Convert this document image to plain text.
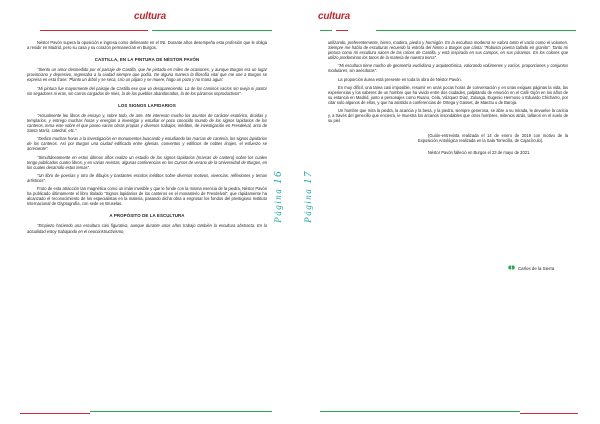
cultura

Néstor Pavón supera la oposición e ingresa como delineante en el INI. Durante años desempeña esta profesión que le obliga a residir en Madrid, pero su casa y su corazón permanecían en Burgos.

CASTILLA, EN LA PINTURA DE NÉSTOR PAVÓN

"Siento un amor desmedido por el paisaje de Castilla, que he pintado en miles de ocasiones, y aunque Burgos era un lugar provinciano y depresivo, regresaba a la ciudad siempre que podía. De alguna manera la filosofía vital que me une a Burgos se expresa en esta frase: 'Planto un árbol y se seca, crío un pájaro y se muere, hago un pozo y no mana agua'.

"Mi pintura fue mayormente del paisaje de Castilla ese que va desapareciendo. La de los caminos vacíos sin oveja ni pastor sin segadores ni eras, sin carros cargados de mies, la de los pueblos abandonados, la de los páramos improductivos".

LOS SIGNOS LAPIDARIOS

"Actualmente leo libros de ensayo y, sobre todo, de arte. Me interesan mucho los asuntos de carácter esotérico, druidas y templarios, y entrego muchas horas y energías a investigar y estudiar el poco conocido mundo de los signos lapidarios de los canteros, tema este sobre el que poseo varias obras propias y diversos trabajos, inéditos, de investigación en Fresdelval, arco de Santa María, catedral, etc.".

"Dedico muchas horas a la investigación en monumentos buscando y estudiando las marcas de cantería, los signos lapidarios de los canteros. Así por Burgos una ciudad edificada entre iglesias, conventos y edificios de nobles linajes, el esfuerzo se acreciente".

"Simultáneamente en estos últimos años realizo un estudio de los signos lapidarios (marcas de cantero) sobre los cuales tengo publicados cuatro libros, y en varias revistas, algunas conferencias en los Cursos de verano de la Universidad de Burgos, en los cuales desarrollo estos temas".

"Un libro de poesías y otro de dibujos y bastantes escritos inéditos sobre diversos motivos, vivencias, reflexiones y temas artísticos".

Fruto de esta atracción tan magnética como un imán invisible y que le fonde con la misma esencia de la piedra, Néstor Pavón ha publicado últimamente el libro titulado "Signos lapidarios de los canteros en el monasterio de Fresdelval", que rápidamente ha alcanzado el reconocimiento de los especialistas en la materia, pasando dicha obra a engrosar los fondos del prestigioso Instituto Internacional de Glyptografía, con sede en Bruselas.

A PROPÓSITO DE LA ESCULTURA

"Empiezo haciendo una escultura casi figurativa, aunque durante unos años trabajo también la escultura abstracta. En la actualidad estoy trabajando en el neoconstructivismo,

Página 16
cultura

utilizando, preferentemente, hierro, madera, piedra y hormigón. En la escultura moderna se valora tanto el vacío como el volumen. Siempre me había de esculturas recuerdo la estrofa del himno a Burgos que cánta: "Robusta poema tallado en granito". Tanto mi pintura como mi escultura nacen de las raíces de Castilla, y está inspirada en sus campos, en sus páramos. En los colores que utilizo predominan los tonos de la materia de nuestra tierra".

"Mi escultura tiene mucho de geometría euclidiana y arquitectónica, valorando volúmenes y vacíos, proporciones y conjuntos modulares, sin anécdotas".

La proporción áurea está presente en toda la obra de Néstor Pavón.

En muy difícil, una tarea casi imposible, resumir en unas pocas horas de conversación y en unas exiguas páginas la vida, las experiencias y los saberes de un hombre que ha vivido entre dos ciudades, palpitando de emoción en el Café Gijón en los años de su estancia en Madrid, junto a personajes como Ruano, Cela, Vázquez Díaz, Zuloaga, Eugenio Hermoso o Eduardo Chicharro, por citar solo algunos de ellos, y que ha asistido a conferencias de Ortega y Gasset, de Maeztu o de Baroja.

Un hombre que mira la piedra, la acaricia y la besa, y la piedra, siempre generosa, se abre a su mirada, le devuelve la caricia y, a través del genecillo que encierra, le muestra los arcanos insondables que otros hombres, milenios atrás, tallaron en el suelo de su piel.

(Guión-entrevista realizada el 14 de enero de 2019 con motivo de la Exposición Antológica realizada en la Sala Torrecilla, de Cajacírculo).

Néstor Pavón falleció en Burgos el 23 de mayo de 2021.

Carlos de la Sierra
Página 17
